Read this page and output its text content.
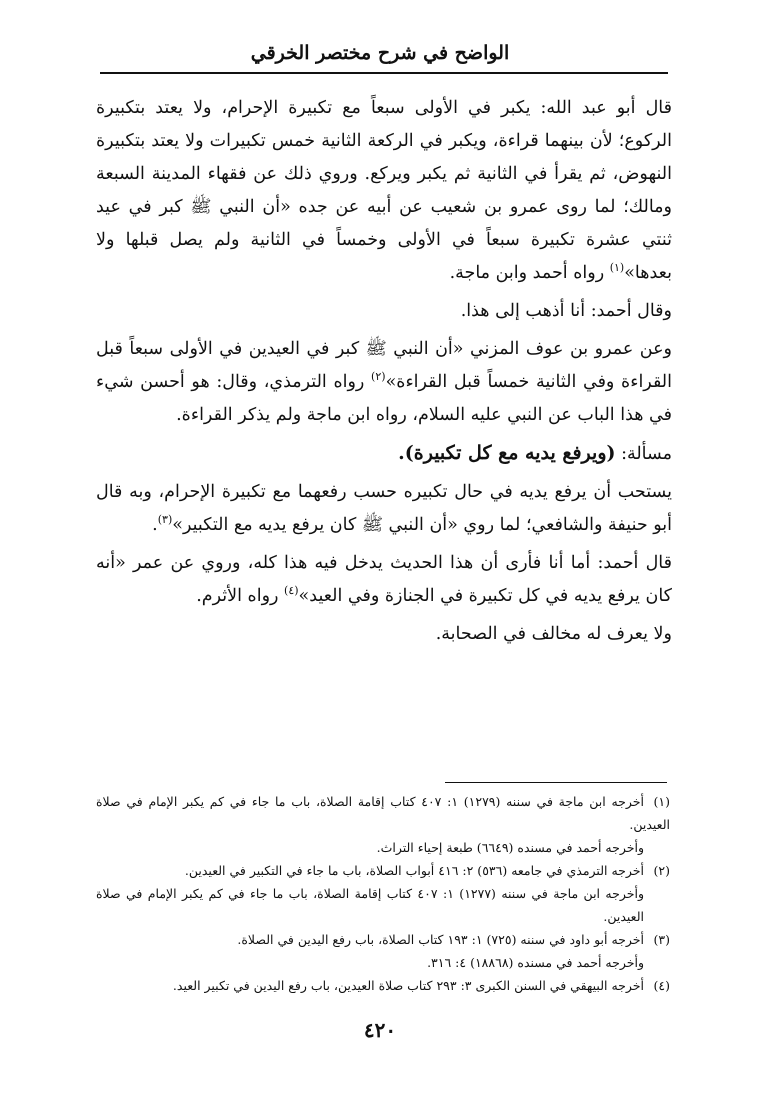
الواضح في شرح مختصر الخرقي

قال أبو عبد الله: يكبر في الأولى سبعاً مع تكبيرة الإحرام، ولا يعتد بتكبيرة الركوع؛ لأن بينهما قراءة، ويكبر في الركعة الثانية خمس تكبيرات ولا يعتد بتكبيرة النهوض، ثم يقرأ في الثانية ثم يكبر ويركع. وروي ذلك عن فقهاء المدينة السبعة ومالك؛ لما روى عمرو بن شعيب عن أبيه عن جده «أن النبي ﷺ كبر في عيد ثنتي عشرة تكبيرة سبعاً في الأولى وخمساً في الثانية ولم يصل قبلها ولا بعدها»$^{(١)}$ رواه أحمد وابن ماجة.

وقال أحمد: أنا أذهب إلى هذا.

وعن عمرو بن عوف المزني «أن النبي ﷺ كبر في العيدين في الأولى سبعاً قبل القراءة وفي الثانية خمساً قبل القراءة»$^{(٢)}$ رواه الترمذي، وقال: هو أحسن شيء في هذا الباب عن النبي عليه السلام، رواه ابن ماجة ولم يذكر القراءة.

مسألة: (ويرفع يديه مع كل تكبيرة).

يستحب أن يرفع يديه في حال تكبيره حسب رفعهما مع تكبيرة الإحرام، وبه قال أبو حنيفة والشافعي؛ لما روي «أن النبي ﷺ كان يرفع يديه مع التكبير»$^{(٣)}$.

قال أحمد: أما أنا فأرى أن هذا الحديث يدخل فيه هذا كله، وروي عن عمر «أنه كان يرفع يديه في كل تكبيرة في الجنازة وفي العيد»$^{(٤)}$ رواه الأثرم.

ولا يعرف له مخالف في الصحابة.

(١)أخرجه ابن ماجة في سننه (١٢٧٩) ١: ٤٠٧ كتاب إقامة الصلاة، باب ما جاء في كم يكبر الإمام في صلاة العيدين.

وأخرجه أحمد في مسنده (٦٦٤٩) طبعة إحياء التراث.

(٢)أخرجه الترمذي في جامعه (٥٣٦) ٢: ٤١٦ أبواب الصلاة، باب ما جاء في التكبير في العيدين.

وأخرجه ابن ماجة في سننه (١٢٧٧) ١: ٤٠٧ كتاب إقامة الصلاة، باب ما جاء في كم يكبر الإمام في صلاة العيدين.

(٣)أخرجه أبو داود في سننه (٧٢٥) ١: ١٩٣ كتاب الصلاة، باب رفع اليدين في الصلاة.

وأخرجه أحمد في مسنده (١٨٨٦٨) ٤: ٣١٦.

(٤)أخرجه البيهقي في السنن الكبرى ٣: ٢٩٣ كتاب صلاة العيدين، باب رفع اليدين في تكبير العيد.

٤٢٠
